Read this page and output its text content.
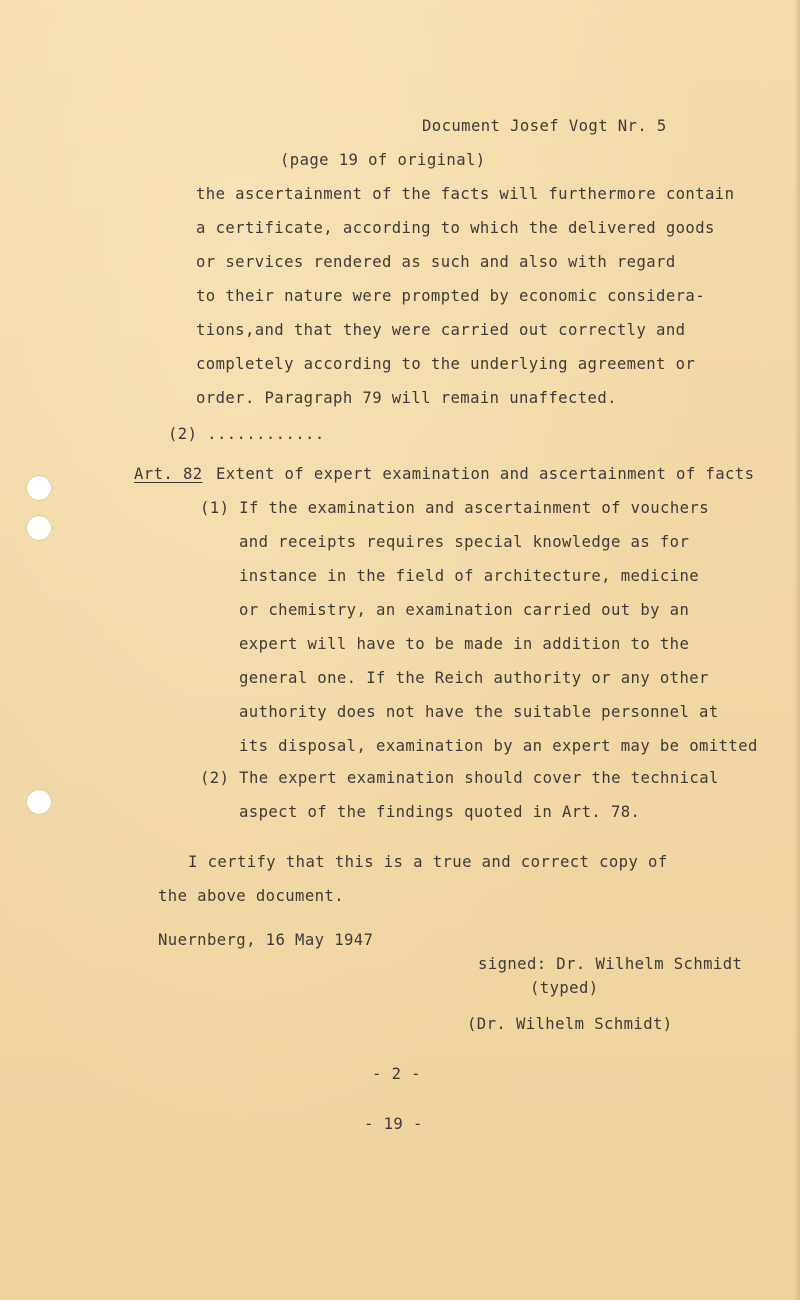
Document Josef Vogt Nr. 5
(page 19 of original)
the ascertainment of the facts will furthermore contain
a certificate, according to which the delivered goods
or services rendered as such and also with regard
to their nature were prompted by economic considera-
tions,and that they were carried out correctly and
completely according to the underlying agreement or
order. Paragraph 79 will remain unaffected.
(2) ............
Art. 82 Extent of expert examination and ascertainment of facts
(1) If the examination and ascertainment of vouchers
and receipts requires special knowledge as for
instance in the field of architecture, medicine
or chemistry, an examination carried out by an
expert will have to be made in addition to the
general one. If the Reich authority or any other
authority does not have the suitable personnel at
its disposal, examination by an expert may be omitted
(2) The expert examination should cover the technical
aspect of the findings quoted in Art. 78.
I certify that this is a true and correct copy of
the above document.
Nuernberg, 16 May 1947
signed: Dr. Wilhelm Schmidt
(typed)
(Dr. Wilhelm Schmidt)
- 2 -
- 19 -
